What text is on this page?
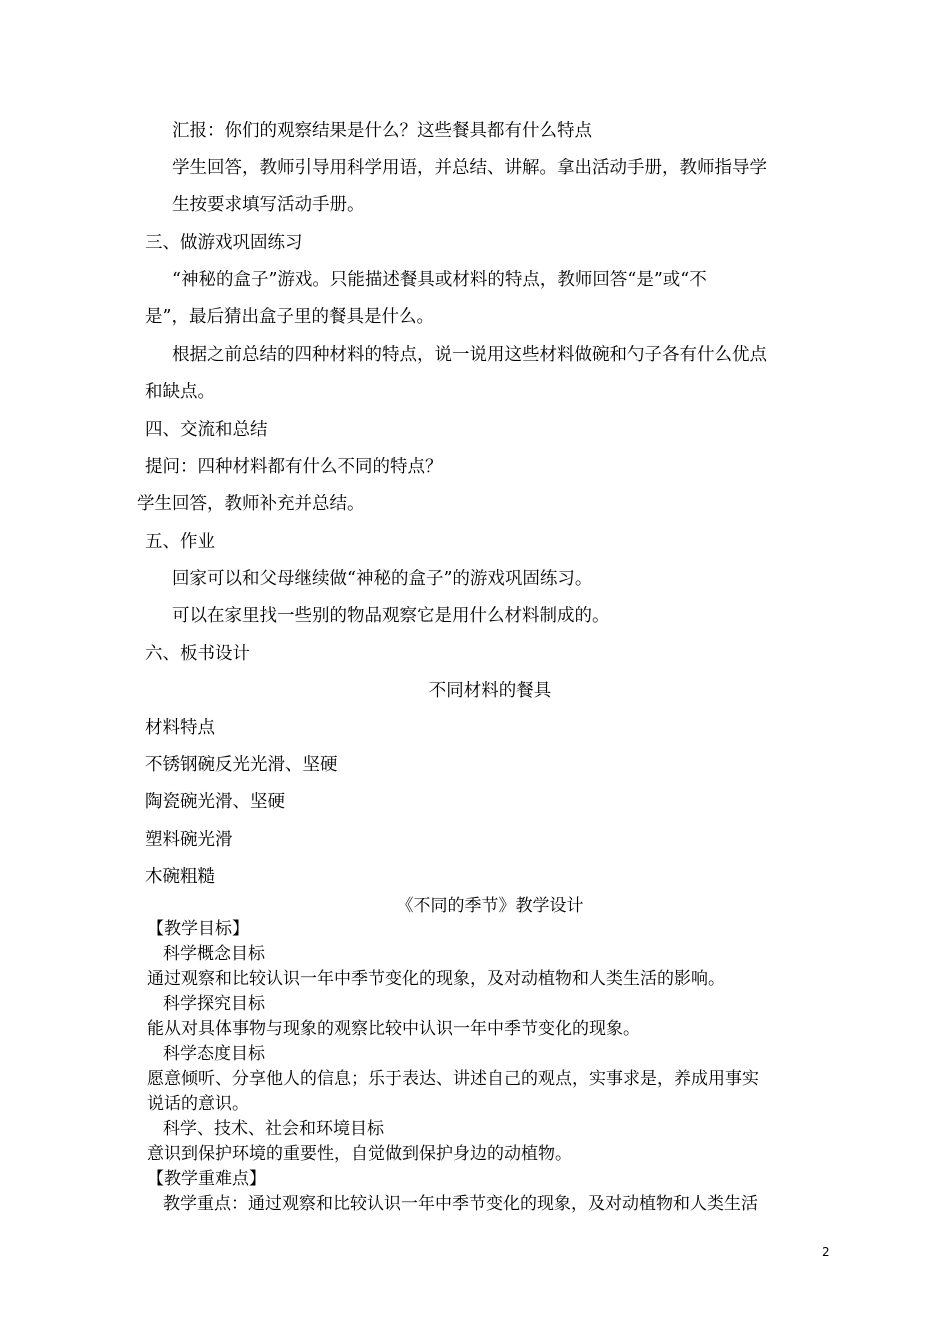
汇报：你们的观察结果是什么？这些餐具都有什么特点
学生回答，教师引导用科学用语，并总结、讲解。拿出活动手册，教师指导学
生按要求填写活动手册。
三、做游戏巩固练习
“神秘的盒子”游戏。只能描述餐具或材料的特点，教师回答“是”或“不
是”，最后猜出盒子里的餐具是什么。
根据之前总结的四种材料的特点，说一说用这些材料做碗和勺子各有什么优点
和缺点。
四、交流和总结
提问：四种材料都有什么不同的特点？
学生回答，教师补充并总结。
五、作业
回家可以和父母继续做“神秘的盒子”的游戏巩固练习。
可以在家里找一些别的物品观察它是用什么材料制成的。
六、板书设计
不同材料的餐具
材料特点
不锈钢碗反光光滑、坚硬
陶瓷碗光滑、坚硬
塑料碗光滑
木碗粗糙
《不同的季节》教学设计
【教学目标】
科学概念目标
通过观察和比较认识一年中季节变化的现象，及对动植物和人类生活的影响。
科学探究目标
能从对具体事物与现象的观察比较中认识一年中季节变化的现象。
科学态度目标
愿意倾听、分享他人的信息；乐于表达、讲述自己的观点，实事求是，养成用事实
说话的意识。
科学、技术、社会和环境目标
意识到保护环境的重要性，自觉做到保护身边的动植物。
【教学重难点】
教学重点：通过观察和比较认识一年中季节变化的现象，及对动植物和人类生活
2
